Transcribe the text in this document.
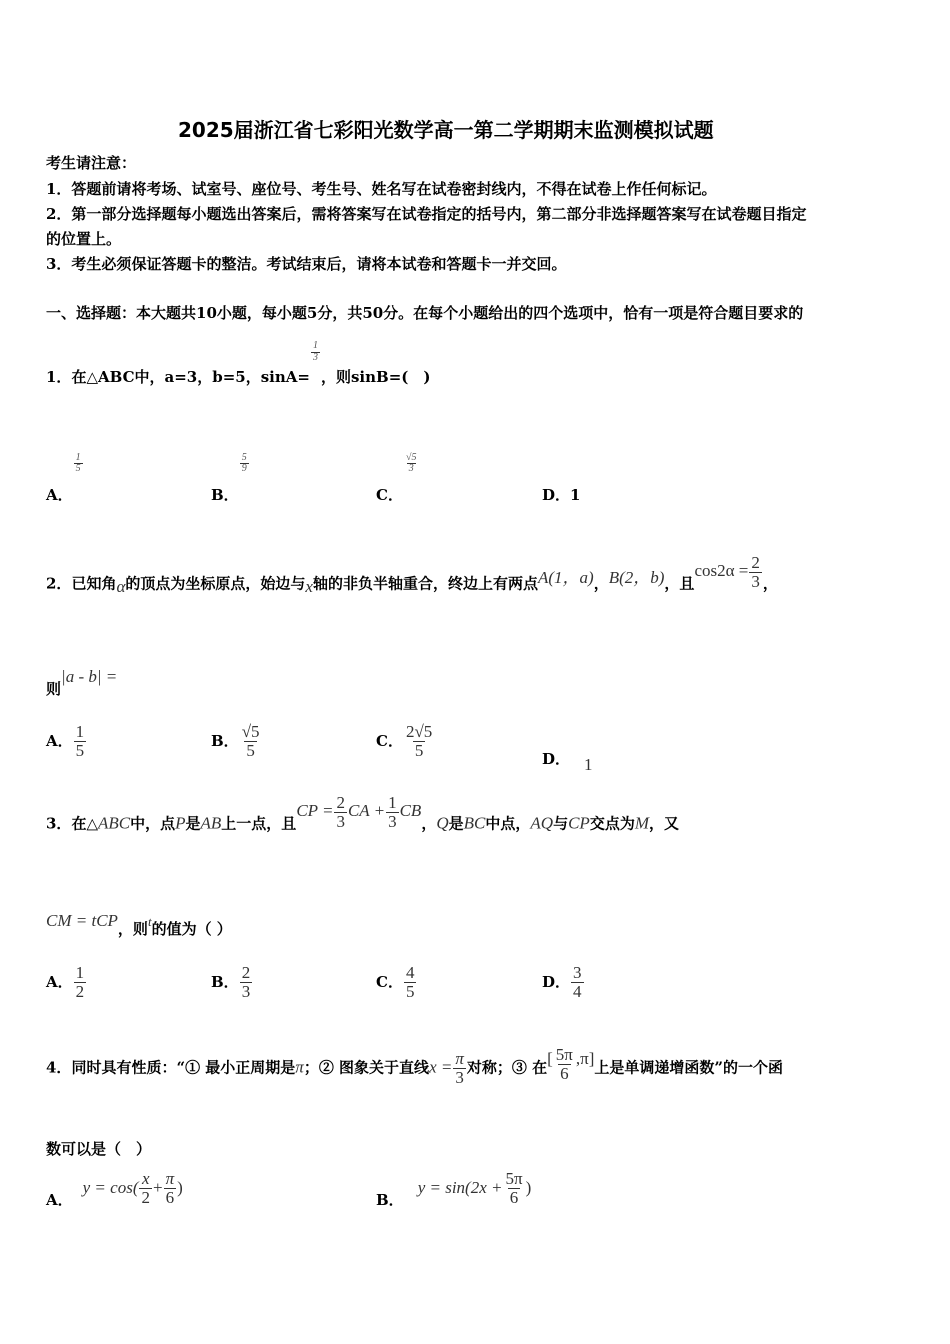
2025届浙江省七彩阳光数学高一第二学期期末监测模拟试题
考生请注意：
1．答题前请将考场、试室号、座位号、考生号、姓名写在试卷密封线内，不得在试卷上作任何标记。
2．第一部分选择题每小题选出答案后，需将答案写在试卷指定的括号内，第二部分非选择题答案写在试卷题目指定
的位置上。
3．考生必须保证答题卡的整洁。考试结束后，请将本试卷和答题卡一并交回。
一、选择题：本大题共10小题，每小题5分，共50分。在每个小题给出的四个选项中，恰有一项是符合题目要求的
1．在△ABC中，a=3，b=5，sinA=
$\frac{1}{3}$
，则sinB=(　)
A．
$\frac{1}{5}$
B．
$\frac{5}{9}$
C．
$\frac{√5}{3}$
D．1
2．已知角α的顶点为坐标原点，始边与x轴的非负半轴重合，终边上有两点A(1，a)，B(2，b)，且$\cos 2\alpha = \frac{2}{3}$ ，
则|a - b| =
A． $\frac{1}{5}$	B． $\frac{√5}{5}$	C． $\frac{2√5}{5}$	D． 1
3．在△ABC中，点P是AB上一点，且CP = $\frac{2}{3}$ CA + $\frac{1}{3}$ CB，Q是BC中点，AQ与CP交点为M，又
CM = tCP，则t的值为（ ）
A． $\frac{1}{2}$	B． $\frac{2}{3}$	C． $\frac{4}{5}$	D． $\frac{3}{4}$
4．同时具有性质：“① 最小正周期是π；② 图象关于直线$x = \frac{\pi}{3}$ 对称；③ 在[ $\frac{5\pi}{6} ,\pi$]上是单调递增函数”的一个函
数可以是（　）
A．$y = \cos( \frac{x}{2} + \frac{\pi}{6}$ )
B．$y = \sin(2x + \frac{5\pi}{6}$ )
